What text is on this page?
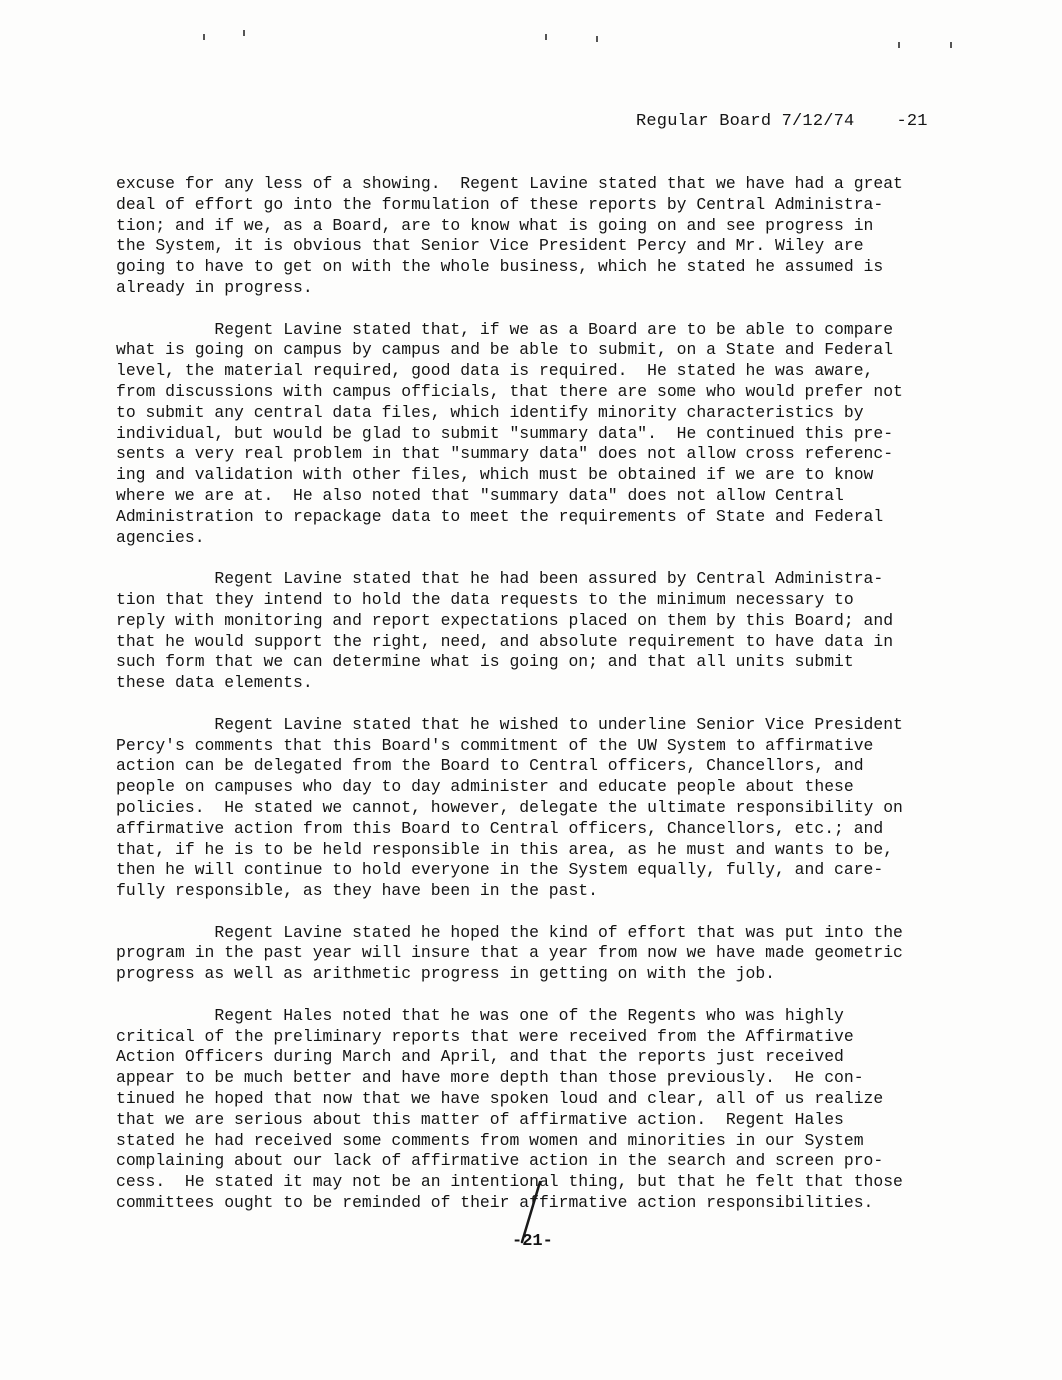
Regular Board 7/12/74 -21
excuse for any less of a showing.  Regent Lavine stated that we have had a great
deal of effort go into the formulation of these reports by Central Administra-
tion; and if we, as a Board, are to know what is going on and see progress in
the System, it is obvious that Senior Vice President Percy and Mr. Wiley are
going to have to get on with the whole business, which he stated he assumed is
already in progress.
Regent Lavine stated that, if we as a Board are to be able to compare
what is going on campus by campus and be able to submit, on a State and Federal
level, the material required, good data is required.  He stated he was aware,
from discussions with campus officials, that there are some who would prefer not
to submit any central data files, which identify minority characteristics by
individual, but would be glad to submit "summary data".  He continued this pre-
sents a very real problem in that "summary data" does not allow cross referenc-
ing and validation with other files, which must be obtained if we are to know
where we are at.  He also noted that "summary data" does not allow Central
Administration to repackage data to meet the requirements of State and Federal
agencies.
Regent Lavine stated that he had been assured by Central Administra-
tion that they intend to hold the data requests to the minimum necessary to
reply with monitoring and report expectations placed on them by this Board; and
that he would support the right, need, and absolute requirement to have data in
such form that we can determine what is going on; and that all units submit
these data elements.
Regent Lavine stated that he wished to underline Senior Vice President
Percy's comments that this Board's commitment of the UW System to affirmative
action can be delegated from the Board to Central officers, Chancellors, and
people on campuses who day to day administer and educate people about these
policies.  He stated we cannot, however, delegate the ultimate responsibility on
affirmative action from this Board to Central officers, Chancellors, etc.; and
that, if he is to be held responsible in this area, as he must and wants to be,
then he will continue to hold everyone in the System equally, fully, and care-
fully responsible, as they have been in the past.
Regent Lavine stated he hoped the kind of effort that was put into the
program in the past year will insure that a year from now we have made geometric
progress as well as arithmetic progress in getting on with the job.
Regent Hales noted that he was one of the Regents who was highly
critical of the preliminary reports that were received from the Affirmative
Action Officers during March and April, and that the reports just received
appear to be much better and have more depth than those previously.  He con-
tinued he hoped that now that we have spoken loud and clear, all of us realize
that we are serious about this matter of affirmative action.  Regent Hales
stated he had received some comments from women and minorities in our System
complaining about our lack of affirmative action in the search and screen pro-
cess.  He stated it may not be an intentional thing, but that he felt that those
committees ought to be reminded of their affirmative action responsibilities.
-21-
